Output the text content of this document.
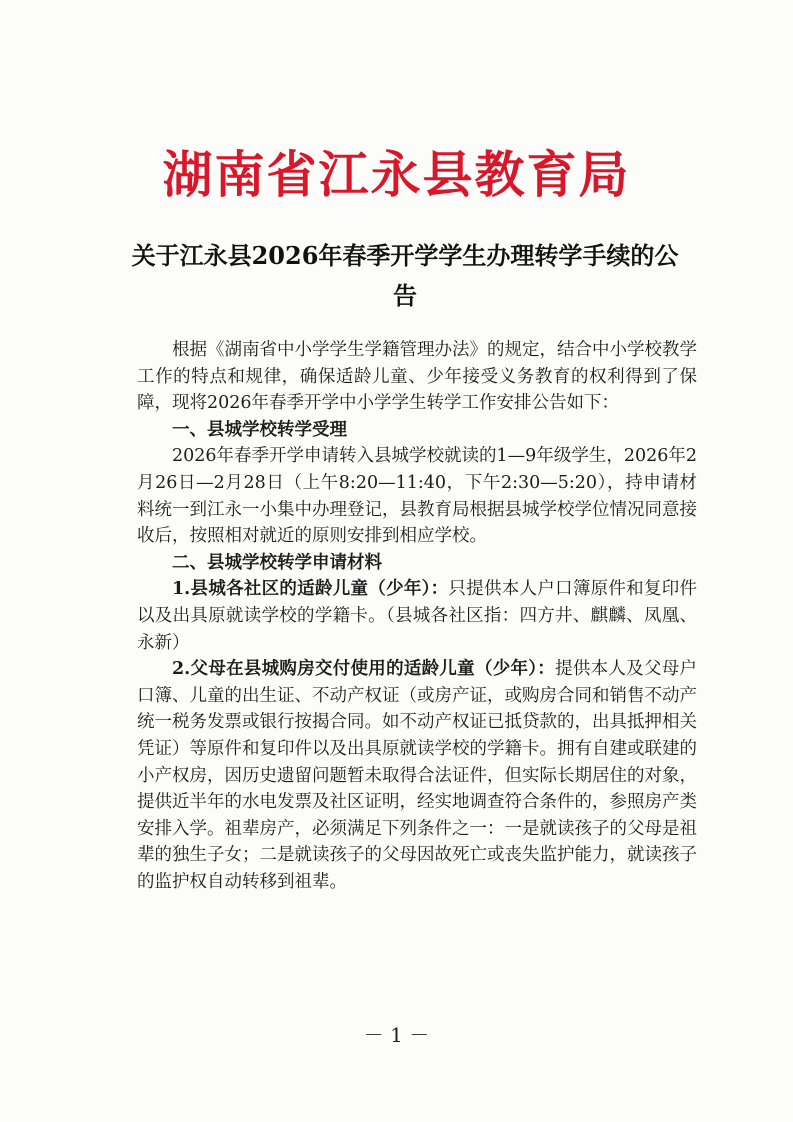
湖南省江永县教育局
关于江永县2026年春季开学学生办理转学手续的公告

根据《湖南省中小学学生学籍管理办法》的规定，结合中小学校教学工作的特点和规律，确保适龄儿童、少年接受义务教育的权利得到了保障，现将2026年春季开学中小学学生转学工作安排公告如下：

一、县城学校转学受理

2026年春季开学申请转入县城学校就读的1—9年级学生，2026年2月26日—2月28日（上午8:20—11:40，下午2:30—5:20），持申请材料统一到江永一小集中办理登记，县教育局根据县城学校学位情况同意接收后，按照相对就近的原则安排到相应学校。

二、县城学校转学申请材料

1.县城各社区的适龄儿童（少年）：只提供本人户口簿原件和复印件以及出具原就读学校的学籍卡。（县城各社区指：四方井、麒麟、凤凰、永新）

2.父母在县城购房交付使用的适龄儿童（少年）：提供本人及父母户口簿、儿童的出生证、不动产权证（或房产证，或购房合同和销售不动产统一税务发票或银行按揭合同。如不动产权证已抵贷款的，出具抵押相关凭证）等原件和复印件以及出具原就读学校的学籍卡。拥有自建或联建的小产权房，因历史遗留问题暂未取得合法证件，但实际长期居住的对象，提供近半年的水电发票及社区证明，经实地调查符合条件的，参照房产类安排入学。祖辈房产，必须满足下列条件之一：一是就读孩子的父母是祖辈的独生子女；二是就读孩子的父母因故死亡或丧失监护能力，就读孩子的监护权自动转移到祖辈。

－ 1 －
